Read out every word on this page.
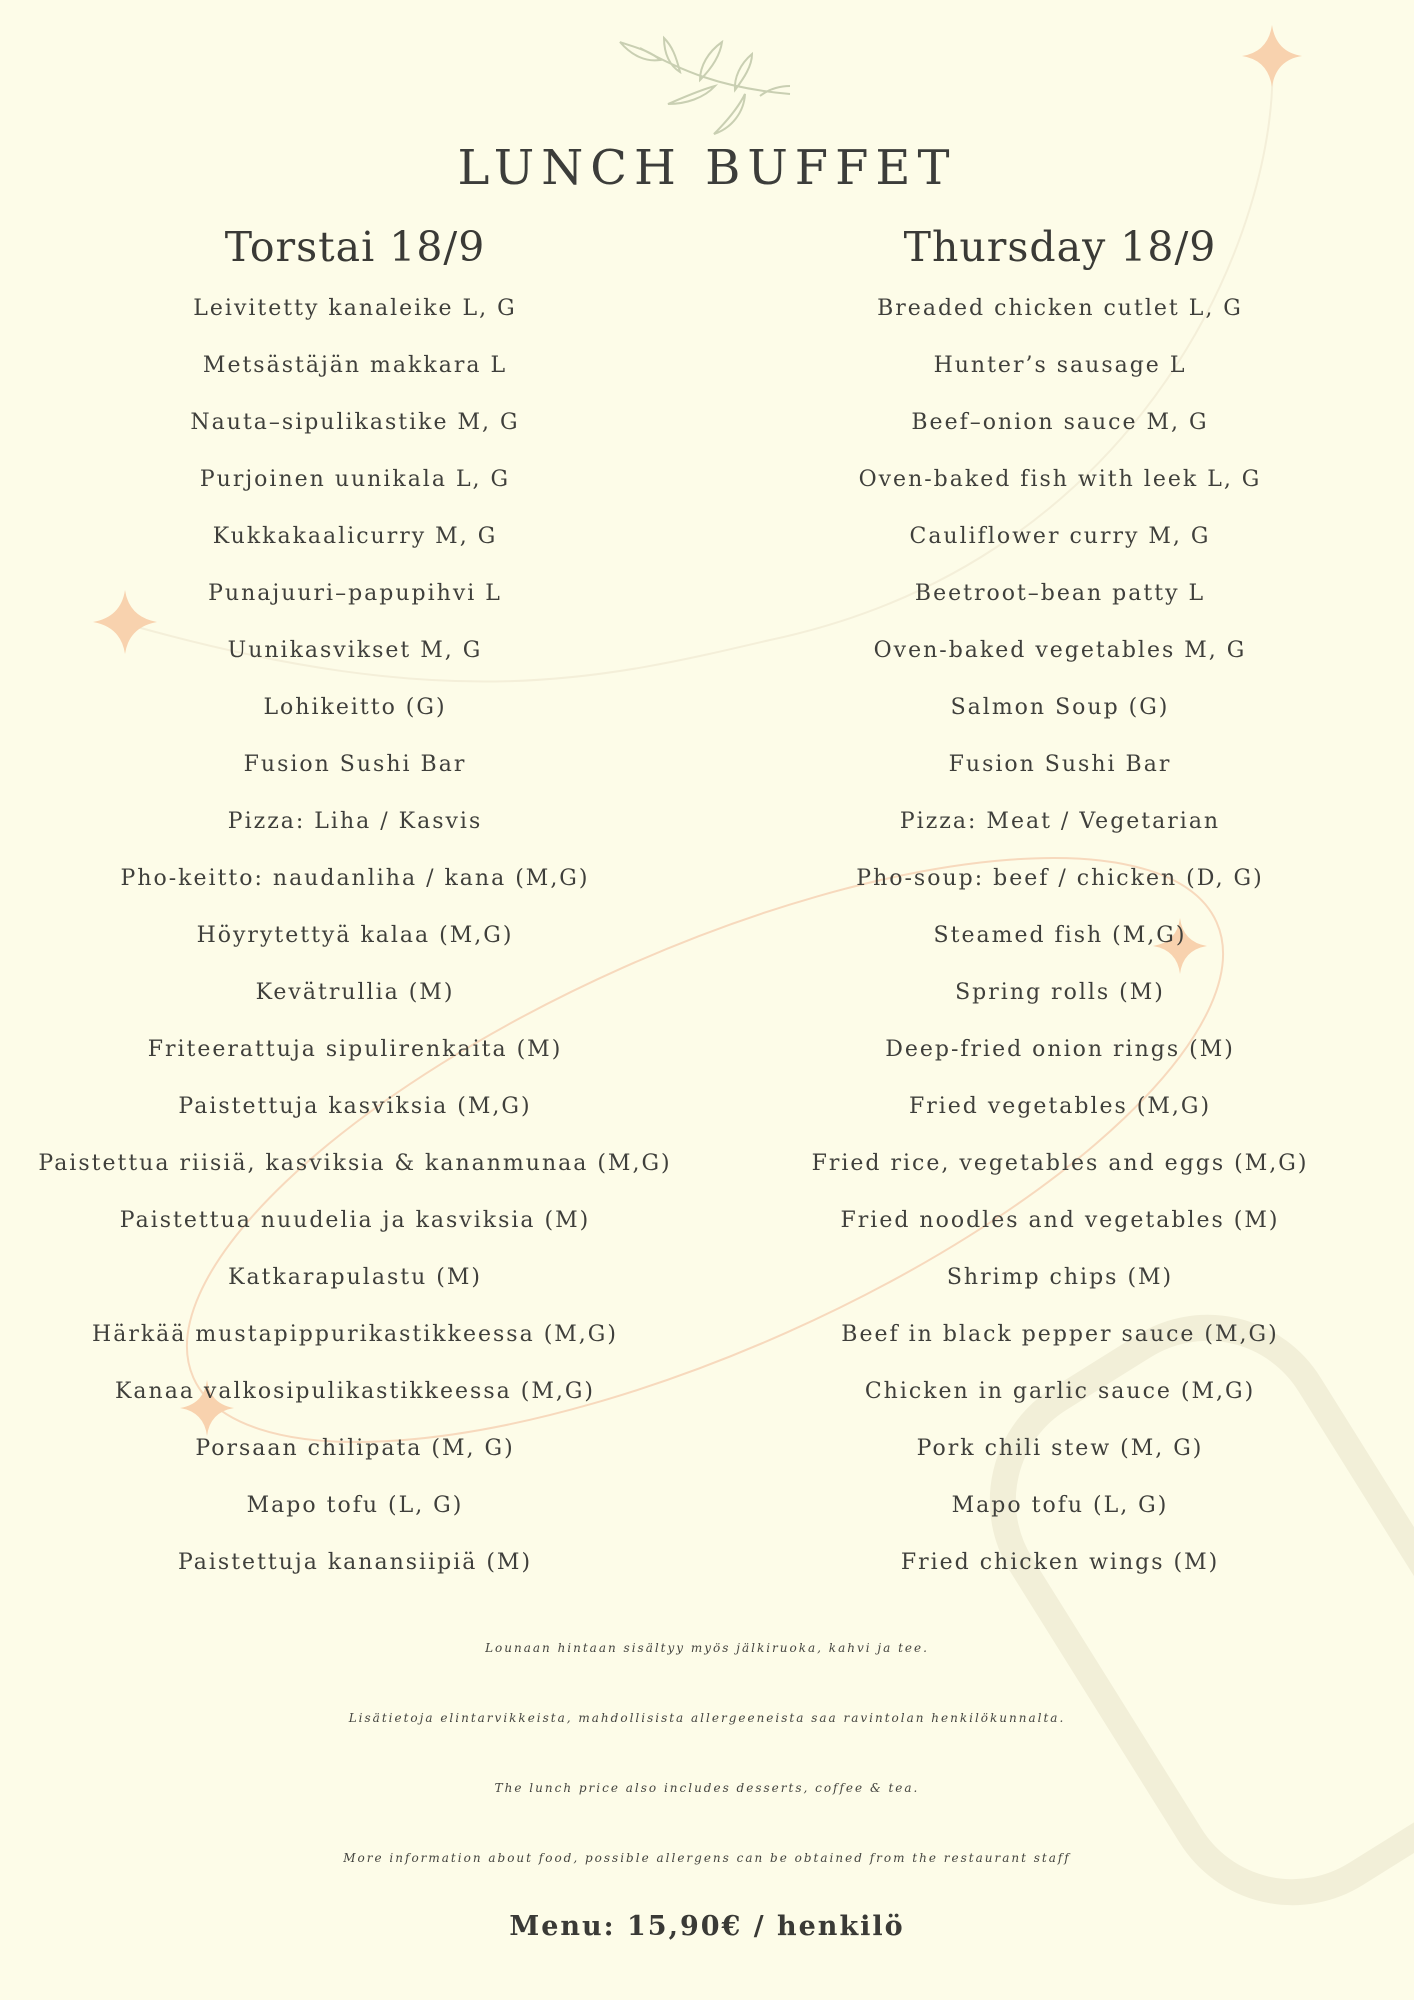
LUNCH BUFFET
Torstai 18/9
Leivitetty kanaleike L, G
Metsästäjän makkara L
Nauta–sipulikastike M, G
Purjoinen uunikala L, G
Kukkakaalicurry M, G
Punajuuri–papupihvi L
Uunikasvikset M, G
Lohikeitto (G)
Fusion Sushi Bar
Pizza: Liha / Kasvis
Pho-keitto: naudanliha / kana (M,G)
Höyrytettyä kalaa (M,G)
Kevätrullia (M)
Friteerattuja sipulirenkaita (M)
Paistettuja kasviksia (M,G)
Paistettua riisiä, kasviksia & kananmunaa (M,G)
Paistettua nuudelia ja kasviksia (M)
Katkarapulastu (M)
Härkää mustapippurikastikkeessa (M,G)
Kanaa valkosipulikastikkeessa (M,G)
Porsaan chilipata (M, G)
Mapo tofu (L, G)
Paistettuja kanansiipiä (M)
Thursday 18/9
Breaded chicken cutlet L, G
Hunter’s sausage L
Beef–onion sauce M, G
Oven-baked fish with leek L, G
Cauliflower curry M, G
Beetroot–bean patty L
Oven-baked vegetables M, G
Salmon Soup (G)
Fusion Sushi Bar
Pizza: Meat / Vegetarian
Pho-soup: beef / chicken (D, G)
Steamed fish (M,G)
Spring rolls (M)
Deep-fried onion rings (M)
Fried vegetables (M,G)
Fried rice, vegetables and eggs (M,G)
Fried noodles and vegetables (M)
Shrimp chips (M)
Beef in black pepper sauce (M,G)
Chicken in garlic sauce (M,G)
Pork chili stew (M, G)
Mapo tofu (L, G)
Fried chicken wings (M)

Lounaan hintaan sisältyy myös jälkiruoka, kahvi ja tee.

Lisätietoja elintarvikkeista, mahdollisista allergeeneista saa ravintolan henkilökunnalta.

The lunch price also includes desserts, coffee & tea.

More information about food, possible allergens can be obtained from the restaurant staff

Menu: 15,90€ / henkilö
